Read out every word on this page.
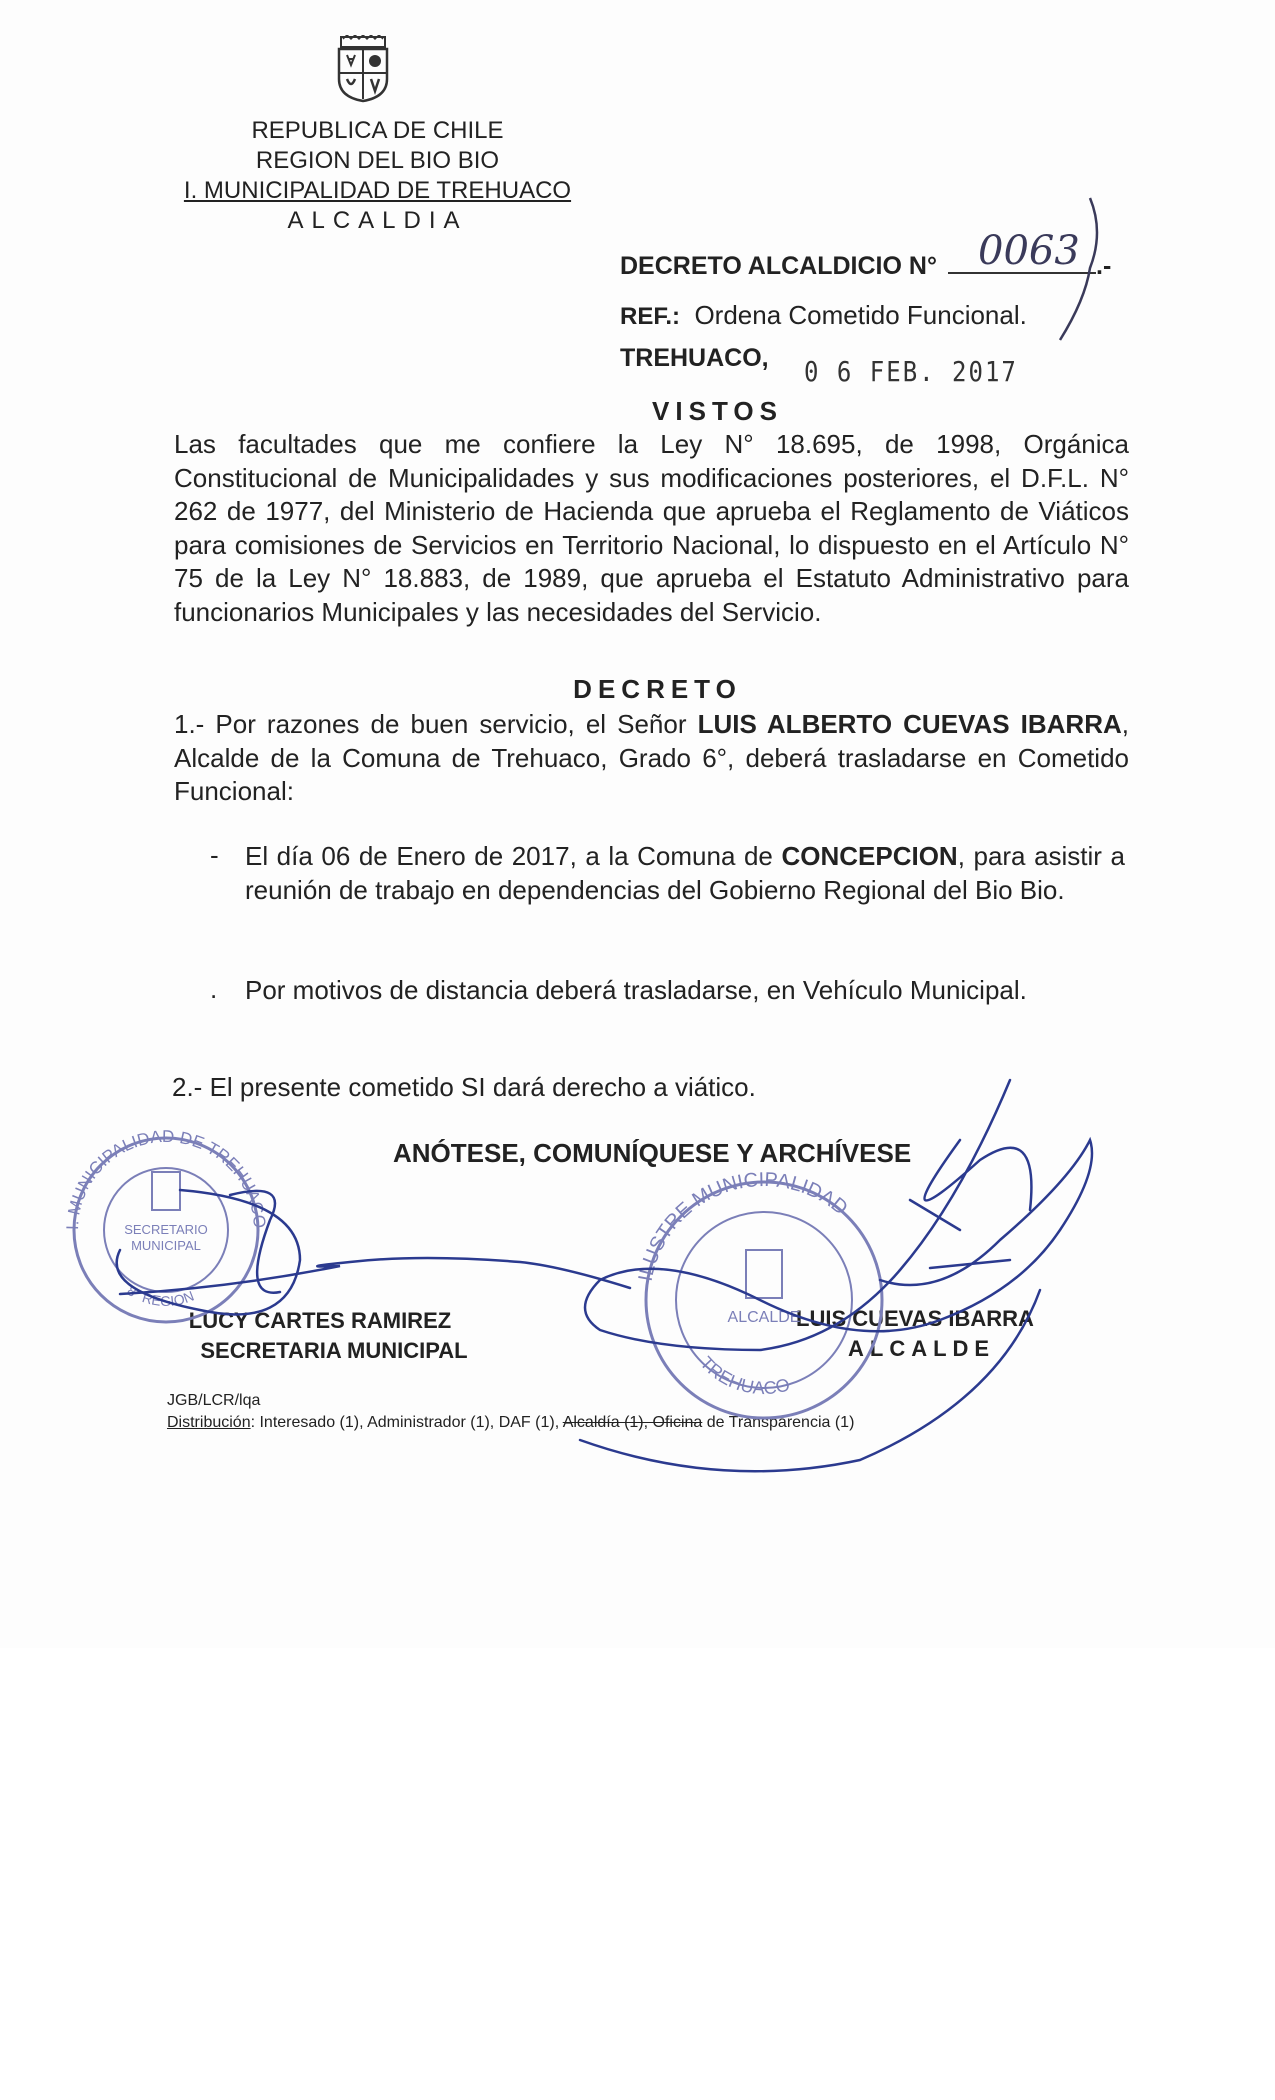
REPUBLICA DE CHILE
REGION DEL BIO BIO
I. MUNICIPALIDAD DE TREHUACO
ALCALDIA
DECRETO ALCALDICIO N°	.-
REF.: Ordena Cometido Funcional.
TREHUACO, 0 6 FEB. 2017
VISTOS
Las facultades que me confiere la Ley N° 18.695, de 1998, Orgánica Constitucional de Municipalidades y sus modificaciones posteriores, el D.F.L. N° 262 de 1977, del Ministerio de Hacienda que aprueba el Reglamento de Viáticos para comisiones de Servicios en Territorio Nacional, lo dispuesto en el Artículo N° 75 de la Ley N° 18.883, de 1989, que aprueba el Estatuto Administrativo para funcionarios Municipales y las necesidades del Servicio.
DECRETO
1.- Por razones de buen servicio, el Señor LUIS ALBERTO CUEVAS IBARRA, Alcalde de la Comuna de Trehuaco, Grado 6°, deberá trasladarse en Cometido Funcional:
- El día 06 de Enero de 2017, a la Comuna de CONCEPCION, para asistir a reunión de trabajo en dependencias del Gobierno Regional del Bio Bio.
. Por motivos de distancia deberá trasladarse, en Vehículo Municipal.
2.- El presente cometido SI dará derecho a viático.
ANÓTESE, COMUNÍQUESE Y ARCHÍVESE
LUCY CARTES RAMIREZ
SECRETARIA MUNICIPAL
LUIS CUEVAS IBARRA
ALCALDE
JGB/LCR/lqa
Distribución: Interesado (1), Administrador (1), DAF (1), Alcaldía (1), Oficina de Transparencia (1)
0063
I. MUNICIPALIDAD DE TREHUACO
8° REGION
SECRETARIO
MUNICIPAL
ILUSTRE MUNICIPALIDAD
TREHUACO
ALCALDE
